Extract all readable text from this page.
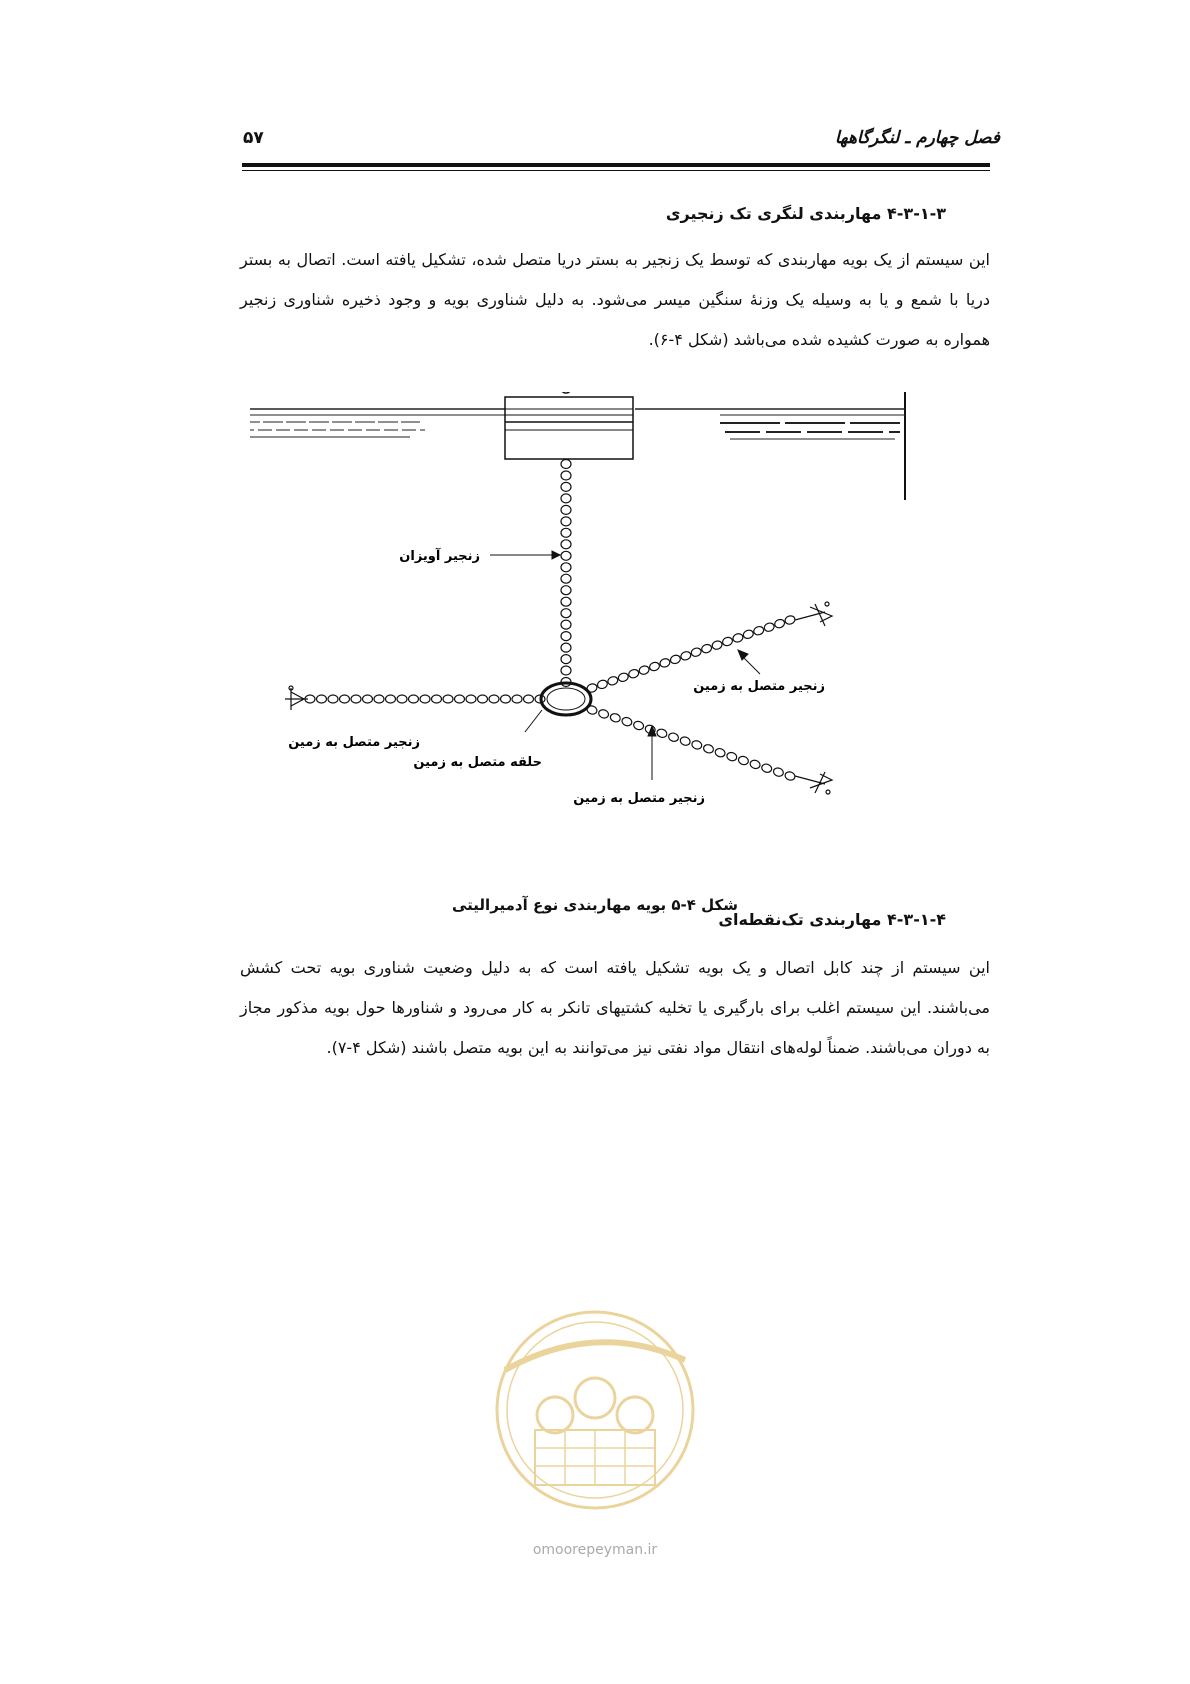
فصل چهارم ـ لنگرگاهها
۵۷
۴-۳-۱-۳ مهاربندی لنگری تک زنجیری
این سیستم از یک بویه مهاربندی که توسط یک زنجیر به بستر دریا متصل شده، تشکیل یافته است. اتصال به بستر دریا با شمع و یا به وسیله یک وزنهٔ سنگین میسر می‌شود. به دلیل شناوری بویه و وجود ذخیره شناوری زنجیر همواره به صورت کشیده شده می‌باشد (شکل ۴-۶).
زنجیر آویزان
زنجیر متصل به زمین
زنجیر متصل به زمین
حلقه متصل به زمین
زنجیر متصل به زمین
شکل ۴-۵ بویه مهاربندی نوع آدمیرالیتی
۴-۳-۱-۴ مهاربندی تک‌نقطه‌ای
این سیستم از چند کابل اتصال و یک بویه تشکیل یافته است که به دلیل وضعیت شناوری بویه تحت کشش می‌باشند. این سیستم اغلب برای بارگیری یا تخلیه کشتیهای تانکر به کار می‌رود و شناورها حول بویه مذکور مجاز به دوران می‌باشند. ضمناً لوله‌های انتقال مواد نفتی نیز می‌توانند به این بویه متصل باشند (شکل ۴-۷).
omoorepeyman.ir
